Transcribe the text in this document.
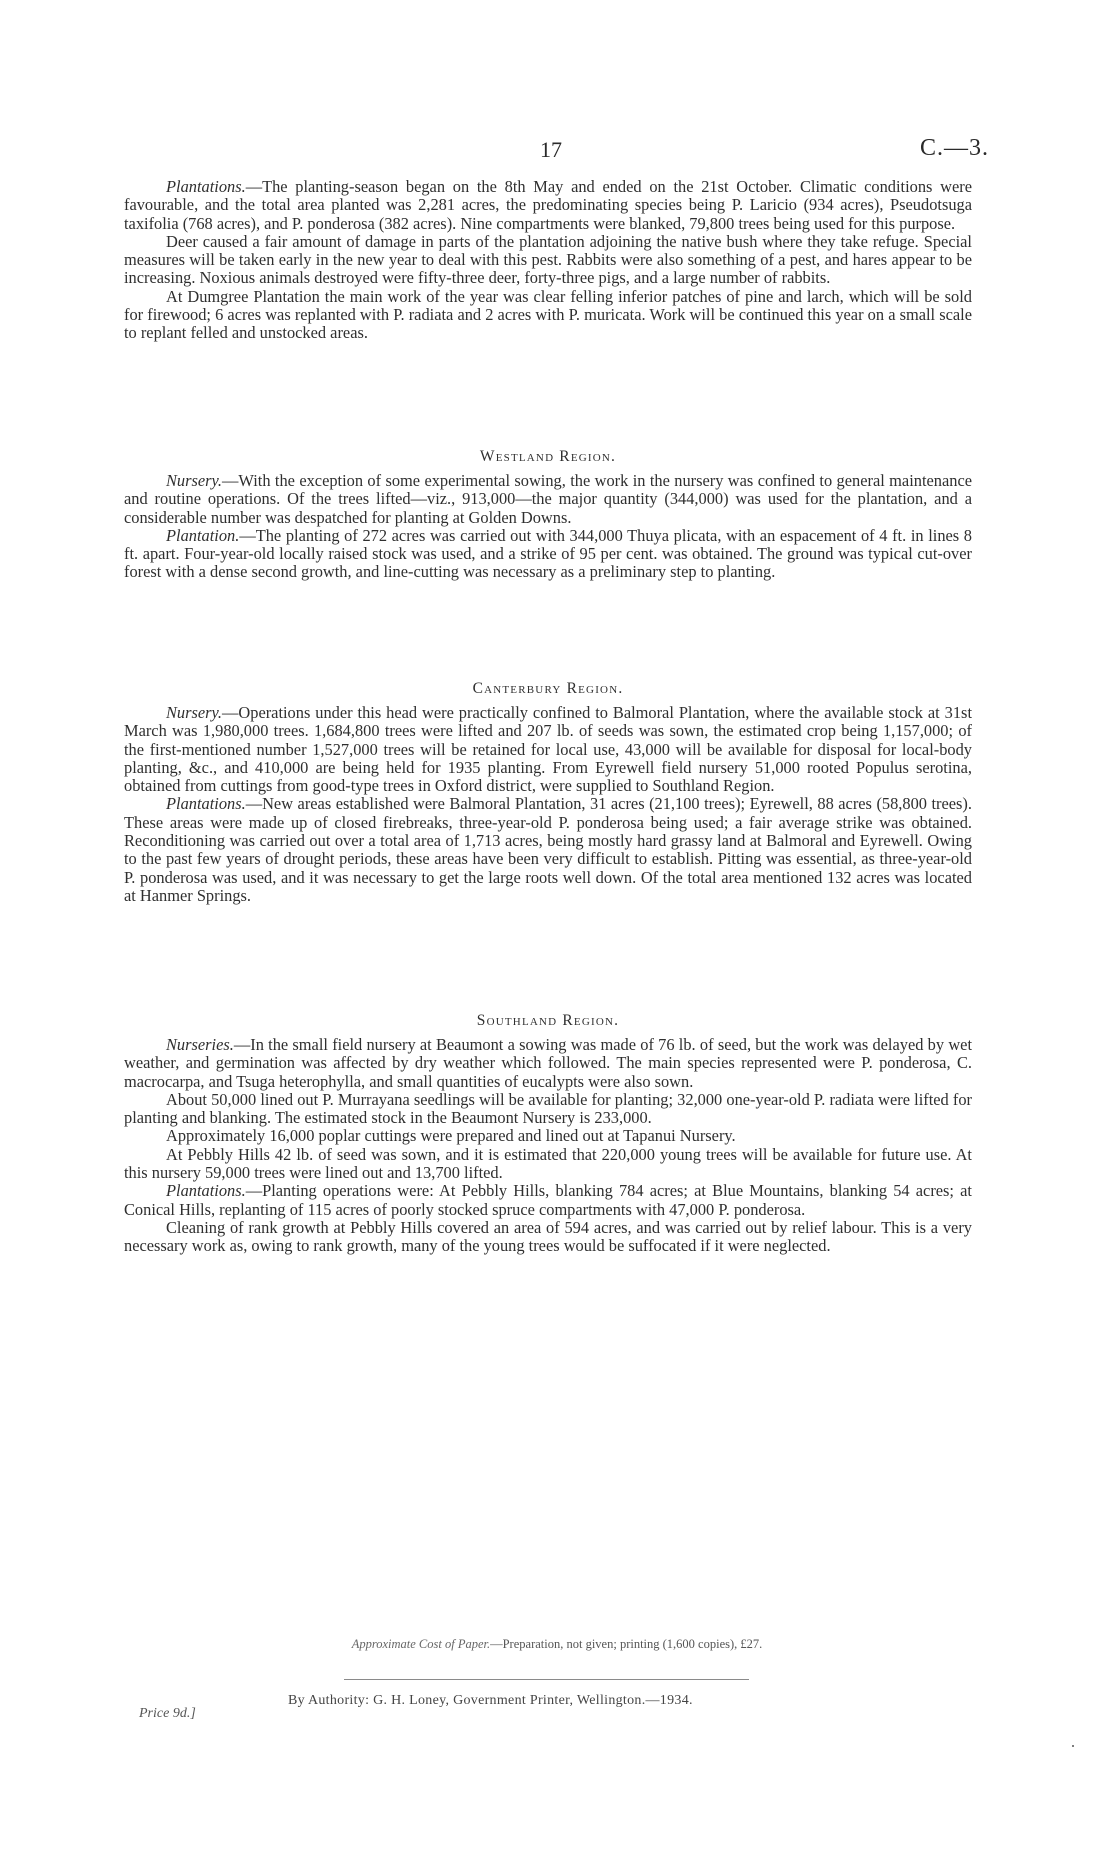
17	C.—3.

Plantations.—The planting-season began on the 8th May and ended on the 21st October. Climatic conditions were favourable, and the total area planted was 2,281 acres, the predominating species being P. Laricio (934 acres), Pseudotsuga taxifolia (768 acres), and P. ponderosa (382 acres). Nine compartments were blanked, 79,800 trees being used for this purpose.

Deer caused a fair amount of damage in parts of the plantation adjoining the native bush where they take refuge. Special measures will be taken early in the new year to deal with this pest. Rabbits were also something of a pest, and hares appear to be increasing. Noxious animals destroyed were fifty-three deer, forty-three pigs, and a large number of rabbits.

At Dumgree Plantation the main work of the year was clear felling inferior patches of pine and larch, which will be sold for firewood; 6 acres was replanted with P. radiata and 2 acres with P. muricata. Work will be continued this year on a small scale to replant felled and unstocked areas.

Westland Region.

Nursery.—With the exception of some experimental sowing, the work in the nursery was confined to general maintenance and routine operations. Of the trees lifted—viz., 913,000—the major quantity (344,000) was used for the plantation, and a considerable number was despatched for planting at Golden Downs.

Plantation.—The planting of 272 acres was carried out with 344,000 Thuya plicata, with an espacement of 4 ft. in lines 8 ft. apart. Four-year-old locally raised stock was used, and a strike of 95 per cent. was obtained. The ground was typical cut-over forest with a dense second growth, and line-cutting was necessary as a preliminary step to planting.

Canterbury Region.

Nursery.—Operations under this head were practically confined to Balmoral Plantation, where the available stock at 31st March was 1,980,000 trees. 1,684,800 trees were lifted and 207 lb. of seeds was sown, the estimated crop being 1,157,000; of the first-mentioned number 1,527,000 trees will be retained for local use, 43,000 will be available for disposal for local-body planting, &c., and 410,000 are being held for 1935 planting. From Eyrewell field nursery 51,000 rooted Populus serotina, obtained from cuttings from good-type trees in Oxford district, were supplied to Southland Region.

Plantations.—New areas established were Balmoral Plantation, 31 acres (21,100 trees); Eyrewell, 88 acres (58,800 trees). These areas were made up of closed firebreaks, three-year-old P. ponderosa being used; a fair average strike was obtained. Reconditioning was carried out over a total area of 1,713 acres, being mostly hard grassy land at Balmoral and Eyrewell. Owing to the past few years of drought periods, these areas have been very difficult to establish. Pitting was essential, as three-year-old P. ponderosa was used, and it was necessary to get the large roots well down. Of the total area mentioned 132 acres was located at Hanmer Springs.

Southland Region.

Nurseries.—In the small field nursery at Beaumont a sowing was made of 76 lb. of seed, but the work was delayed by wet weather, and germination was affected by dry weather which followed. The main species represented were P. ponderosa, C. macrocarpa, and Tsuga heterophylla, and small quantities of eucalypts were also sown.

About 50,000 lined out P. Murrayana seedlings will be available for planting; 32,000 one-year-old P. radiata were lifted for planting and blanking. The estimated stock in the Beaumont Nursery is 233,000.

Approximately 16,000 poplar cuttings were prepared and lined out at Tapanui Nursery.

At Pebbly Hills 42 lb. of seed was sown, and it is estimated that 220,000 young trees will be available for future use. At this nursery 59,000 trees were lined out and 13,700 lifted.

Plantations.—Planting operations were: At Pebbly Hills, blanking 784 acres; at Blue Mountains, blanking 54 acres; at Conical Hills, replanting of 115 acres of poorly stocked spruce compartments with 47,000 P. ponderosa.

Cleaning of rank growth at Pebbly Hills covered an area of 594 acres, and was carried out by relief labour. This is a very necessary work as, owing to rank growth, many of the young trees would be suffocated if it were neglected.

Approximate Cost of Paper.—Preparation, not given; printing (1,600 copies), £27.
By Authority: G. H. Loney, Government Printer, Wellington.—1934.
Price 9d.]
